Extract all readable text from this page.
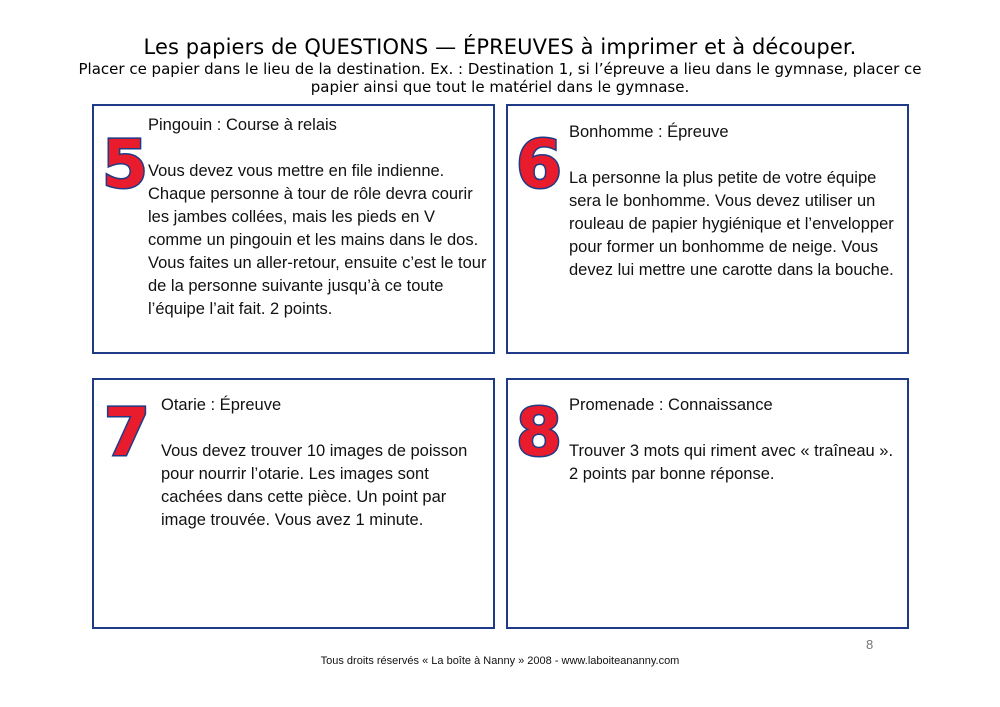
Les papiers de QUESTIONS — ÉPREUVES à imprimer et à découper.
Placer ce papier dans le lieu de la destination. Ex. : Destination 1, si l’épreuve a lieu dans le gymnase, placer ce papier ainsi que tout le matériel dans le gymnase.
5

Pingouin : Course à relais

Vous devez vous mettre en file indienne. Chaque personne à tour de rôle devra courir les jambes collées, mais les pieds en V comme un pingouin et les mains dans le dos. Vous faites un aller-retour, ensuite c’est le tour de la personne suivante jusqu’à ce toute l’équipe l’ait fait. 2 points.

6 Bonhomme : Épreuve

La personne la plus petite de votre équipe sera le bonhomme. Vous devez utiliser un rouleau de papier hygiénique et l’envelopper pour former un bonhomme de neige. Vous devez lui mettre une carotte dans la bouche.

7 Otarie : Épreuve

Vous devez trouver 10 images de poisson pour nourrir l’otarie. Les images sont cachées dans cette pièce. Un point par image trouvée. Vous avez 1 minute.

8 Promenade : Connaissance

Trouver 3 mots qui riment avec « traîneau ». 2 points par bonne réponse.

8
Tous droits réservés « La boîte à Nanny » 2008 - www.laboiteananny.com
